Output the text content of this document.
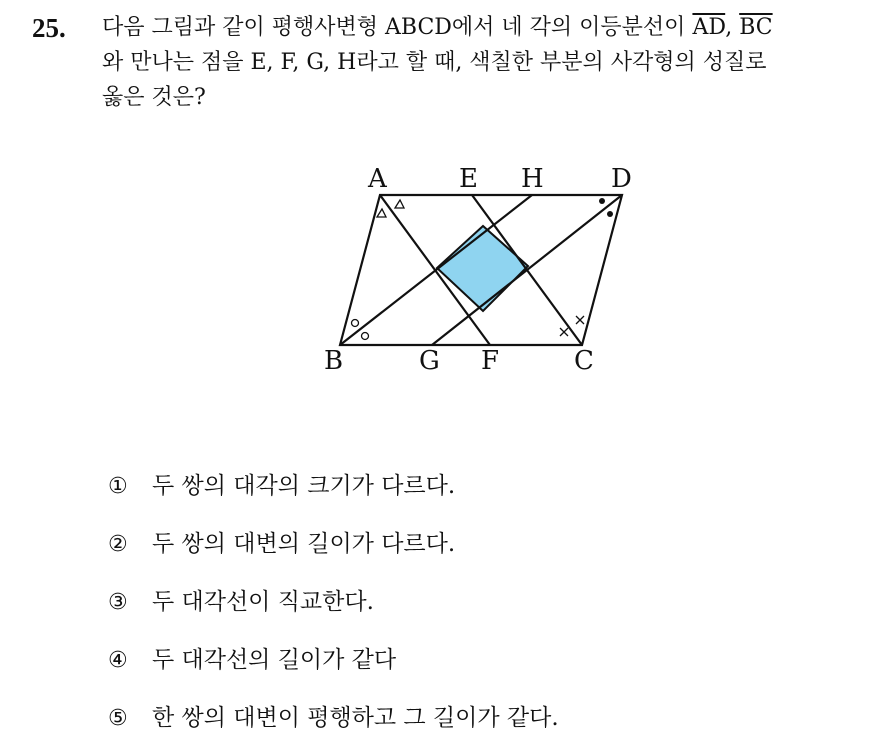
25. 다음 그림과 같이 평행사변형 ABCD에서 네 각의 이등분선이 $\overline{AD}$, $\overline{BC}$
와 만나는 점을 E, F, G, H라고 할 때, 색칠한 부분의 사각형의 성질로
옳은 것은?
A	E H	D
B	G F	C
① 두 쌍의 대각의 크기가 다르다.
② 두 쌍의 대변의 길이가 다르다.
③ 두 대각선이 직교한다.
④ 두 대각선의 길이가 같다
⑤ 한 쌍의 대변이 평행하고 그 길이가 같다.
